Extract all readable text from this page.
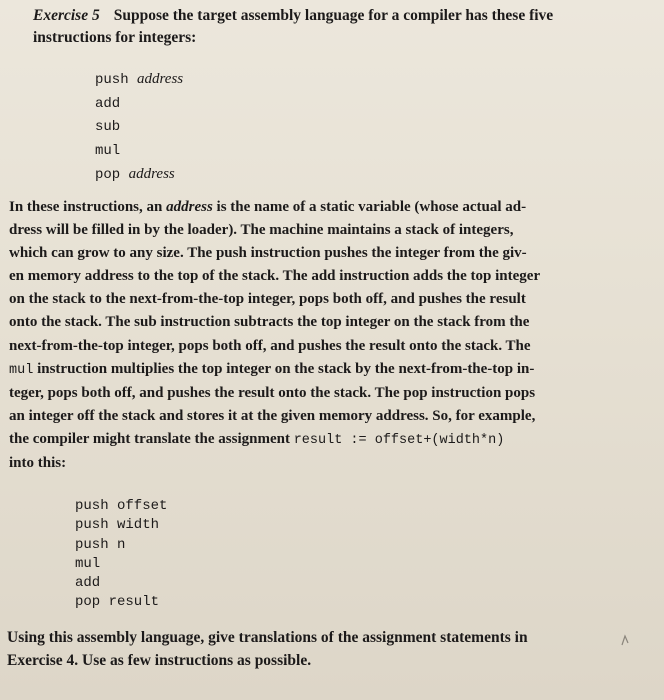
Exercise 5 Suppose the target assembly language for a compiler has these five
instructions for integers:
push address
add
sub
mul
pop address
In these instructions, an address is the name of a static variable (whose actual ad-
dress will be filled in by the loader). The machine maintains a stack of integers,
which can grow to any size. The push instruction pushes the integer from the giv-
en memory address to the top of the stack. The add instruction adds the top integer
on the stack to the next-from-the-top integer, pops both off, and pushes the result
onto the stack. The sub instruction subtracts the top integer on the stack from the
next-from-the-top integer, pops both off, and pushes the result onto the stack. The
mul instruction multiplies the top integer on the stack by the next-from-the-top in-
teger, pops both off, and pushes the result onto the stack. The pop instruction pops
an integer off the stack and stores it at the given memory address. So, for example,
the compiler might translate the assignment result := offset+(width*n)
into this:
push offset
push width
push n
mul
add
pop result
Using this assembly language, give translations of the assignment statements in
Exercise 4. Use as few instructions as possible.
